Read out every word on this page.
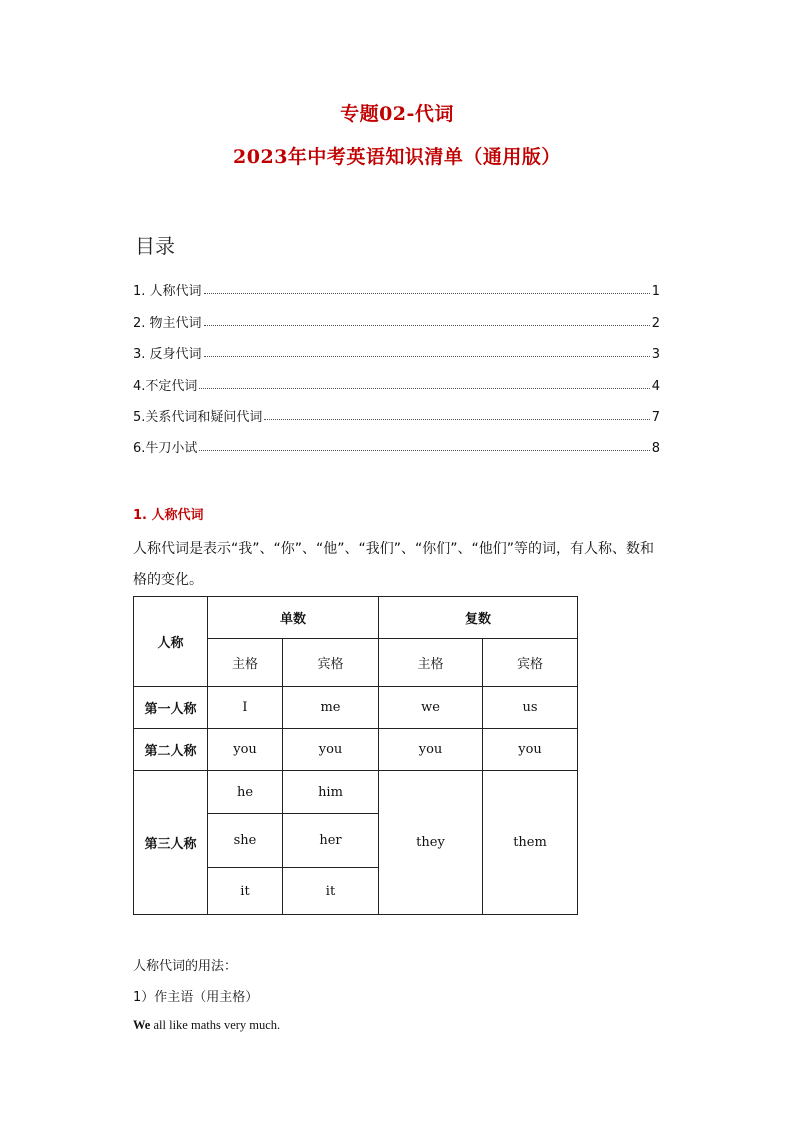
专题02-代词
2023年中考英语知识清单（通用版）
目录
1. 人称代词	1
2. 物主代词	2
3. 反身代词	3
4.不定代词	4
5.关系代词和疑问代词	7
6.牛刀小试	8
1. 人称代词
人称代词是表示“我”、“你”、“他”、“我们”、“你们”、“他们”等的词，有人称、数和格的变化。
人称	单数		复数	
	主格	宾格	主格	宾格
第一人称	I	me	we	us
第二人称	you	you	you	you
第三人称	he	him	they	them
	she	her		
	it	it		
人称代词的用法：
1）作主语（用主格）
We all like maths very much.
